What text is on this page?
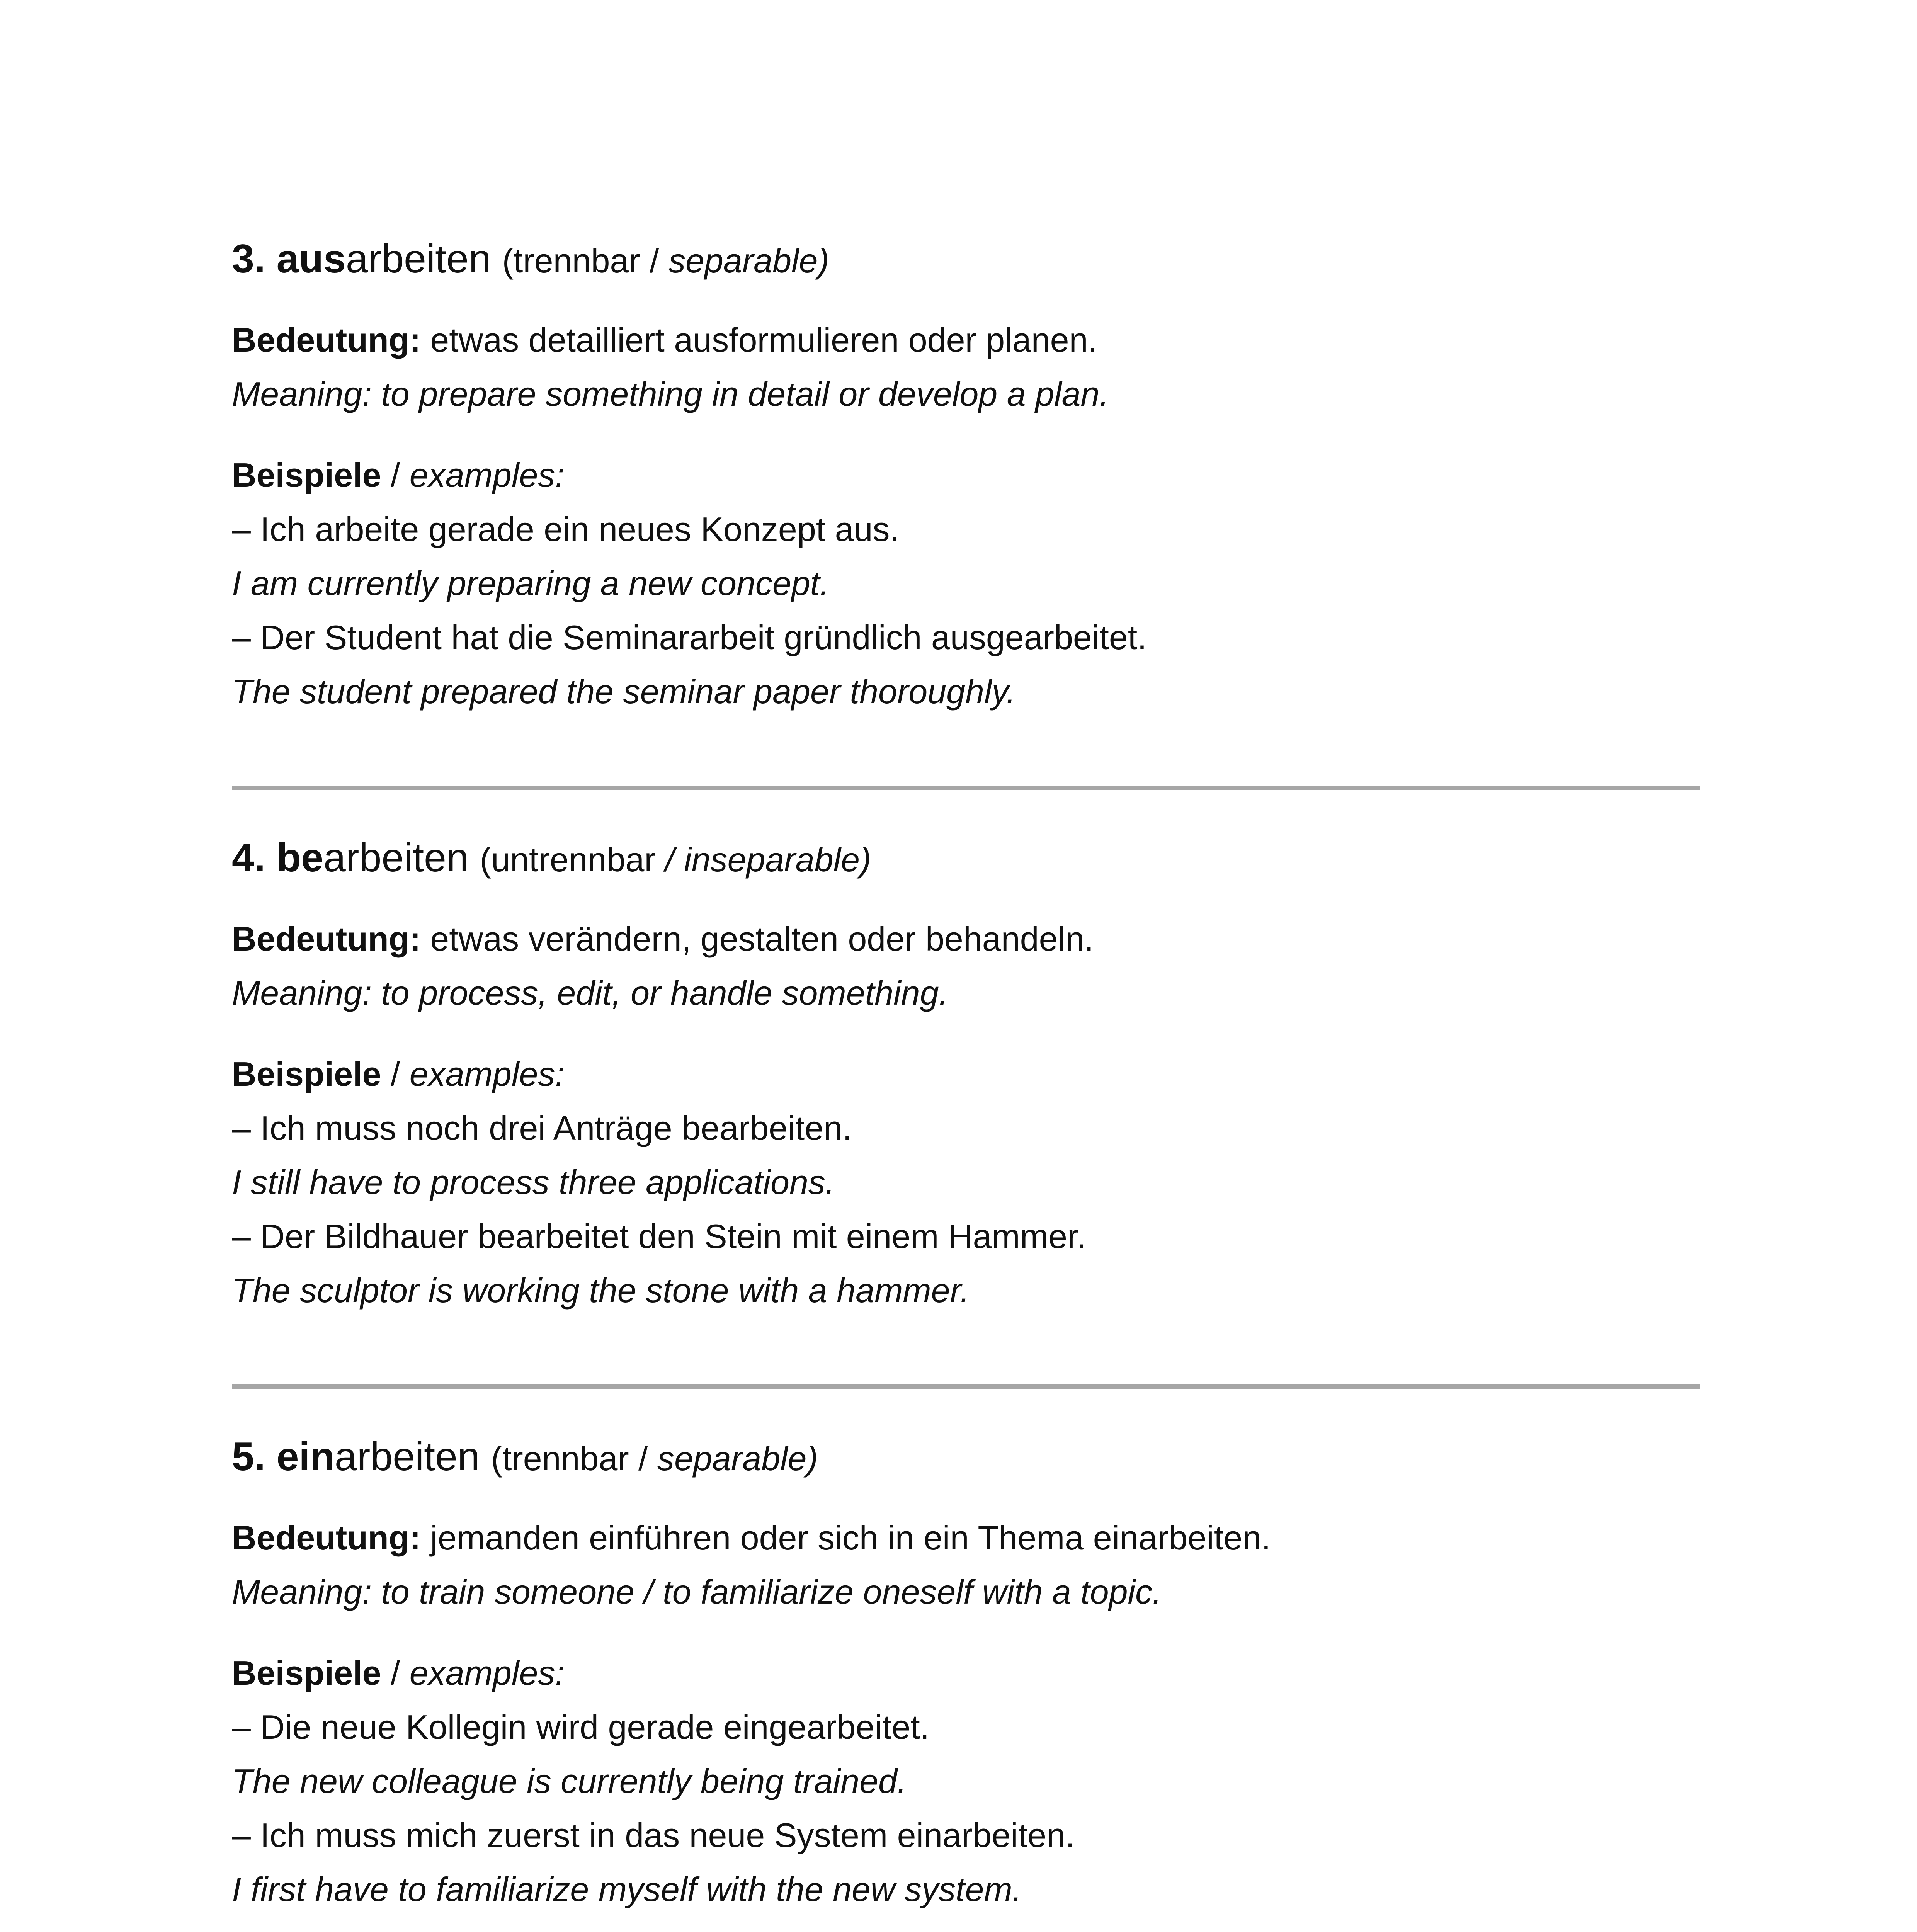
3. ausarbeiten (trennbar / separable)
Bedeutung: etwas detailliert ausformulieren oder planen.
Meaning: to prepare something in detail or develop a plan.
Beispiele / examples:
– Ich arbeite gerade ein neues Konzept aus.
I am currently preparing a new concept.
– Der Student hat die Seminararbeit gründlich ausgearbeitet.
The student prepared the seminar paper thoroughly.
4. bearbeiten (untrennbar / inseparable)
Bedeutung: etwas verändern, gestalten oder behandeln.
Meaning: to process, edit, or handle something.
Beispiele / examples:
– Ich muss noch drei Anträge bearbeiten.
I still have to process three applications.
– Der Bildhauer bearbeitet den Stein mit einem Hammer.
The sculptor is working the stone with a hammer.
5. einarbeiten (trennbar / separable)
Bedeutung: jemanden einführen oder sich in ein Thema einarbeiten.
Meaning: to train someone / to familiarize oneself with a topic.
Beispiele / examples:
– Die neue Kollegin wird gerade eingearbeitet.
The new colleague is currently being trained.
– Ich muss mich zuerst in das neue System einarbeiten.
I first have to familiarize myself with the new system.
